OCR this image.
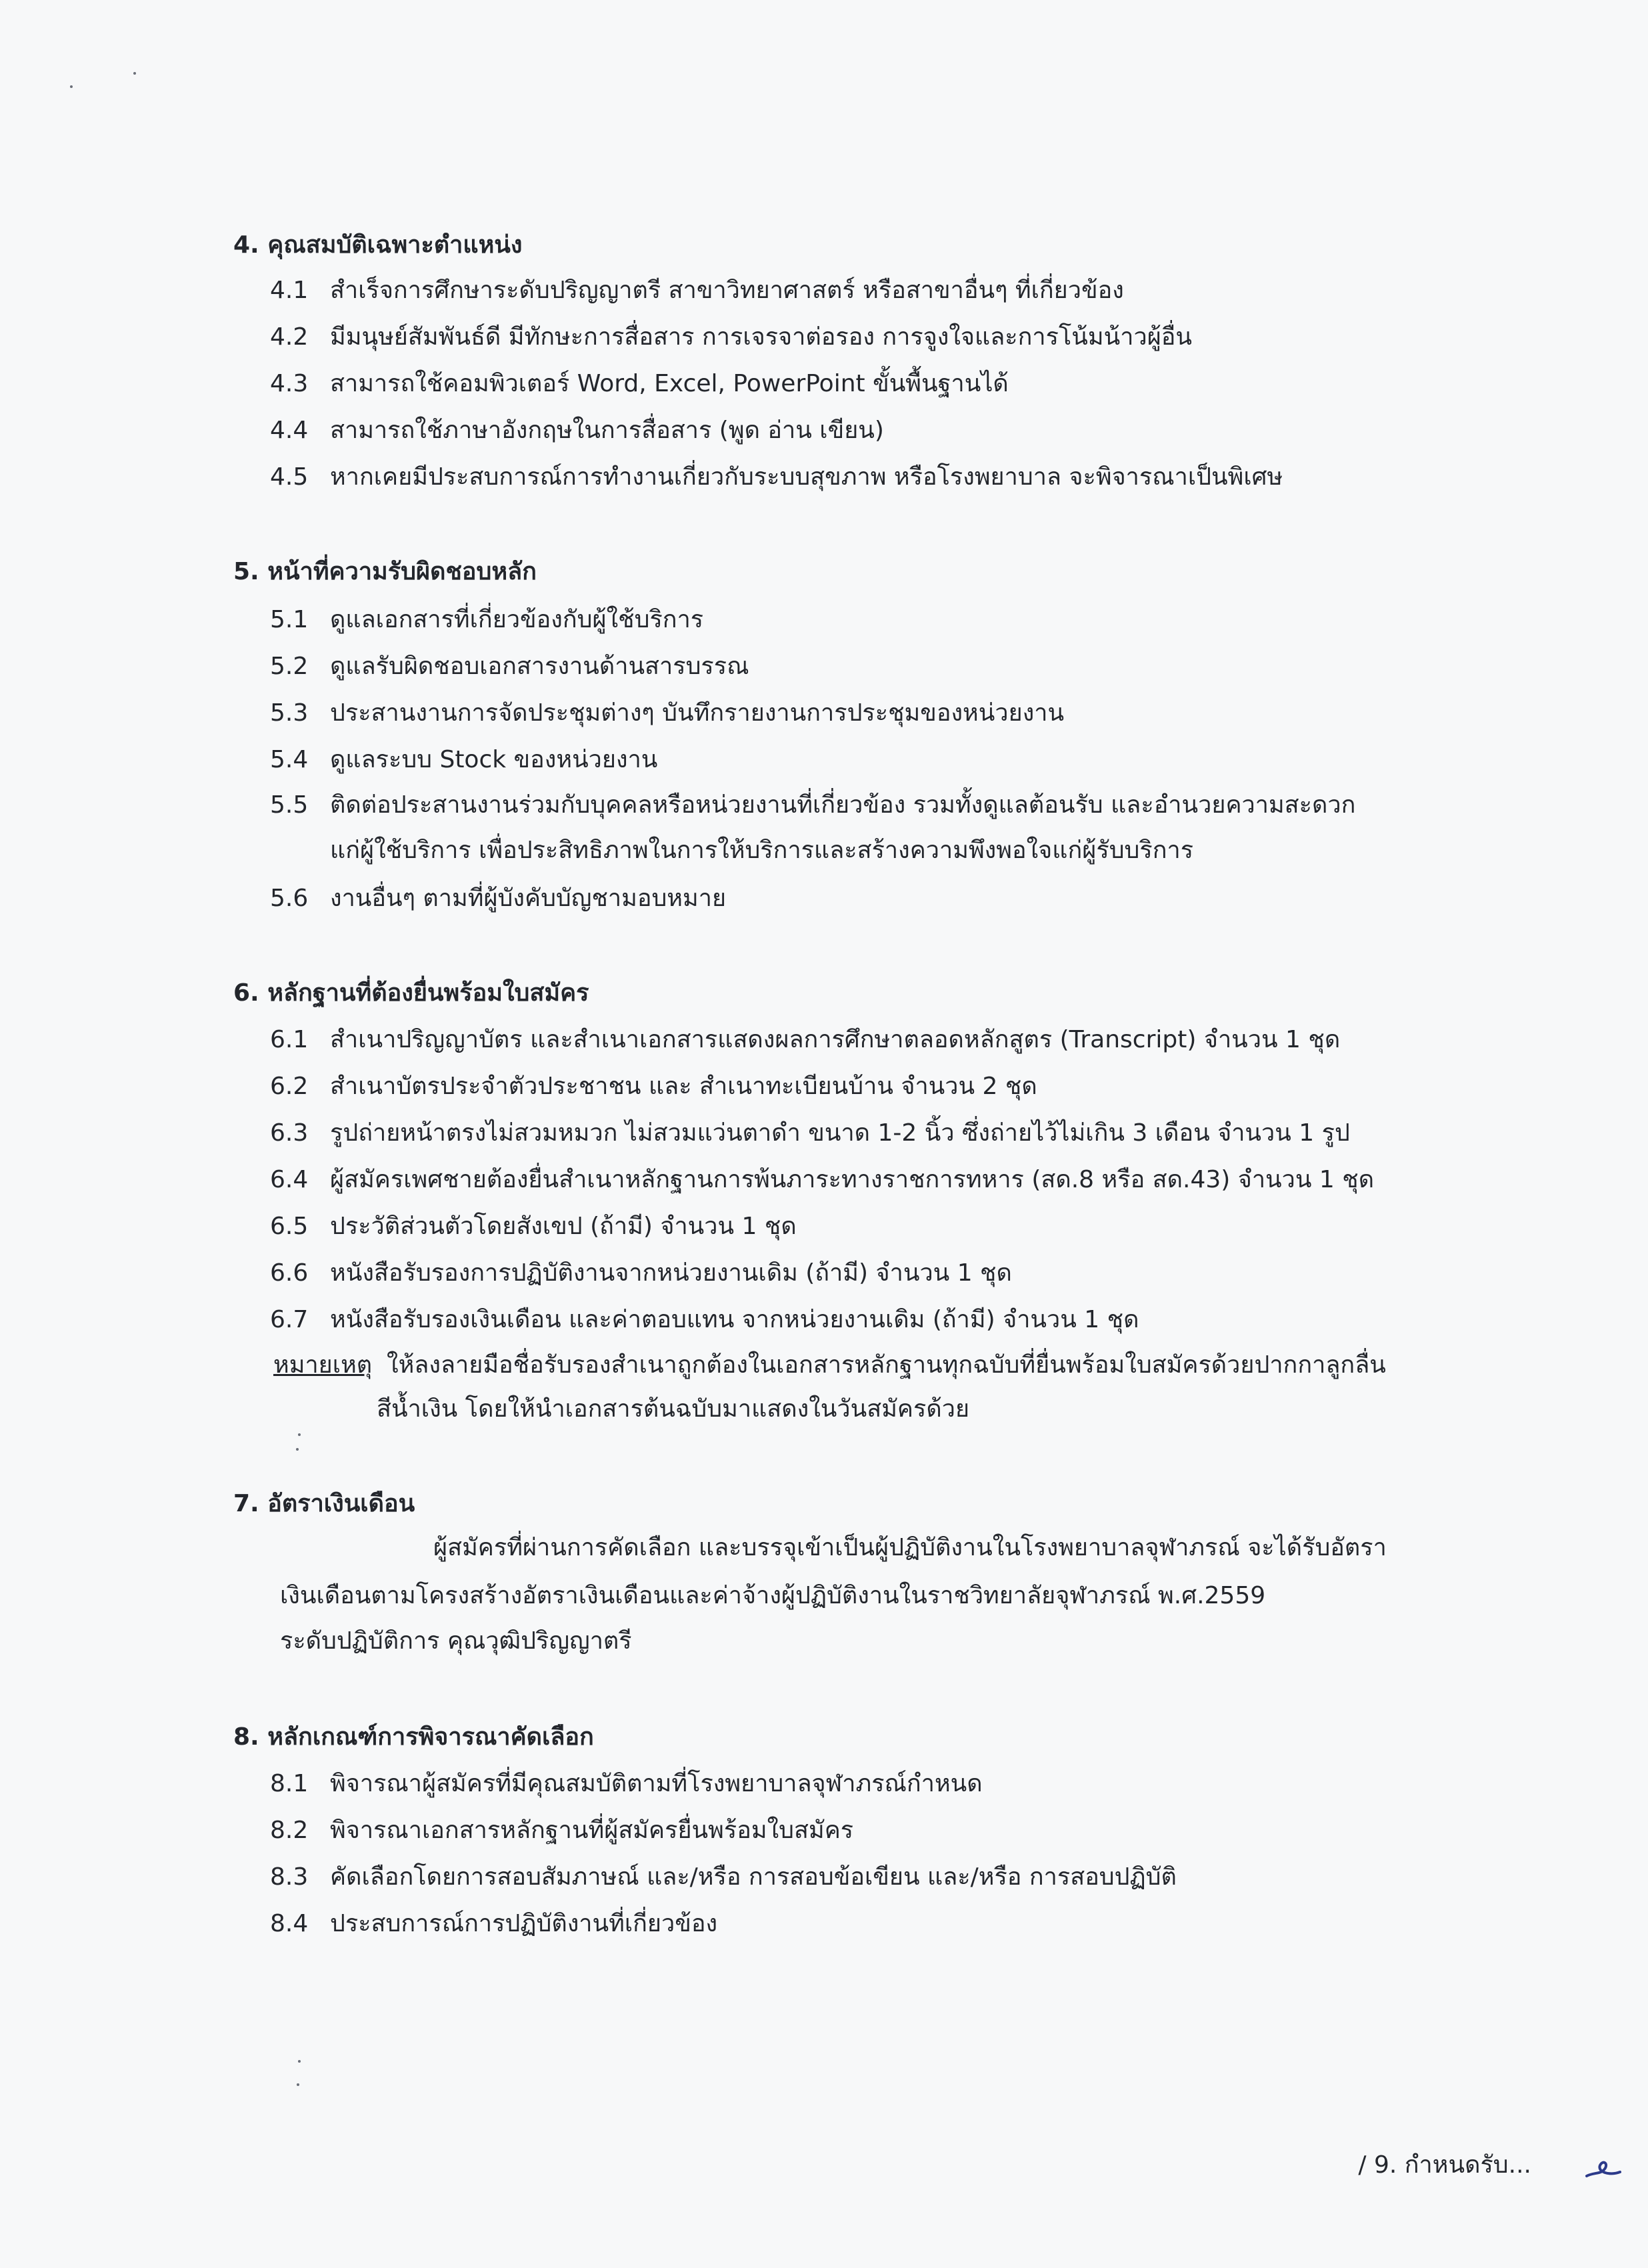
4. คุณสมบัติเฉพาะตำแหน่ง
4.1 สำเร็จการศึกษาระดับปริญญาตรี สาขาวิทยาศาสตร์ หรือสาขาอื่นๆ ที่เกี่ยวข้อง
4.2 มีมนุษย์สัมพันธ์ดี มีทักษะการสื่อสาร การเจรจาต่อรอง การจูงใจและการโน้มน้าวผู้อื่น
4.3 สามารถใช้คอมพิวเตอร์ Word, Excel, PowerPoint ขั้นพื้นฐานได้
4.4 สามารถใช้ภาษาอังกฤษในการสื่อสาร (พูด อ่าน เขียน)
4.5 หากเคยมีประสบการณ์การทำงานเกี่ยวกับระบบสุขภาพ หรือโรงพยาบาล จะพิจารณาเป็นพิเศษ
5. หน้าที่ความรับผิดชอบหลัก
5.1 ดูแลเอกสารที่เกี่ยวข้องกับผู้ใช้บริการ
5.2 ดูแลรับผิดชอบเอกสารงานด้านสารบรรณ
5.3 ประสานงานการจัดประชุมต่างๆ บันทึกรายงานการประชุมของหน่วยงาน
5.4 ดูแลระบบ Stock ของหน่วยงาน
5.5 ติดต่อประสานงานร่วมกับบุคคลหรือหน่วยงานที่เกี่ยวข้อง รวมทั้งดูแลต้อนรับ และอำนวยความสะดวก
แก่ผู้ใช้บริการ เพื่อประสิทธิภาพในการให้บริการและสร้างความพึงพอใจแก่ผู้รับบริการ
5.6 งานอื่นๆ ตามที่ผู้บังคับบัญชามอบหมาย
6. หลักฐานที่ต้องยื่นพร้อมใบสมัคร
6.1 สำเนาปริญญาบัตร และสำเนาเอกสารแสดงผลการศึกษาตลอดหลักสูตร (Transcript) จำนวน 1 ชุด
6.2 สำเนาบัตรประจำตัวประชาชน และ สำเนาทะเบียนบ้าน จำนวน 2 ชุด
6.3 รูปถ่ายหน้าตรงไม่สวมหมวก ไม่สวมแว่นตาดำ ขนาด 1-2 นิ้ว ซึ่งถ่ายไว้ไม่เกิน 3 เดือน จำนวน 1 รูป
6.4 ผู้สมัครเพศชายต้องยื่นสำเนาหลักฐานการพ้นภาระทางราชการทหาร (สด.8 หรือ สด.43) จำนวน 1 ชุด
6.5 ประวัติส่วนตัวโดยสังเขป (ถ้ามี) จำนวน 1 ชุด
6.6 หนังสือรับรองการปฏิบัติงานจากหน่วยงานเดิม (ถ้ามี) จำนวน 1 ชุด
6.7 หนังสือรับรองเงินเดือน และค่าตอบแทน จากหน่วยงานเดิม (ถ้ามี) จำนวน 1 ชุด
หมายเหตุ ให้ลงลายมือชื่อรับรองสำเนาถูกต้องในเอกสารหลักฐานทุกฉบับที่ยื่นพร้อมใบสมัครด้วยปากกาลูกลื่น
สีน้ำเงิน โดยให้นำเอกสารต้นฉบับมาแสดงในวันสมัครด้วย
7. อัตราเงินเดือน
ผู้สมัครที่ผ่านการคัดเลือก และบรรจุเข้าเป็นผู้ปฏิบัติงานในโรงพยาบาลจุฬาภรณ์ จะได้รับอัตรา
เงินเดือนตามโครงสร้างอัตราเงินเดือนและค่าจ้างผู้ปฏิบัติงานในราชวิทยาลัยจุฬาภรณ์ พ.ศ.2559
ระดับปฏิบัติการ คุณวุฒิปริญญาตรี
8. หลักเกณฑ์การพิจารณาคัดเลือก
8.1 พิจารณาผู้สมัครที่มีคุณสมบัติตามที่โรงพยาบาลจุฬาภรณ์กำหนด
8.2 พิจารณาเอกสารหลักฐานที่ผู้สมัครยื่นพร้อมใบสมัคร
8.3 คัดเลือกโดยการสอบสัมภาษณ์ และ/หรือ การสอบข้อเขียน และ/หรือ การสอบปฏิบัติ
8.4 ประสบการณ์การปฏิบัติงานที่เกี่ยวข้อง
/ 9. กำหนดรับ...
